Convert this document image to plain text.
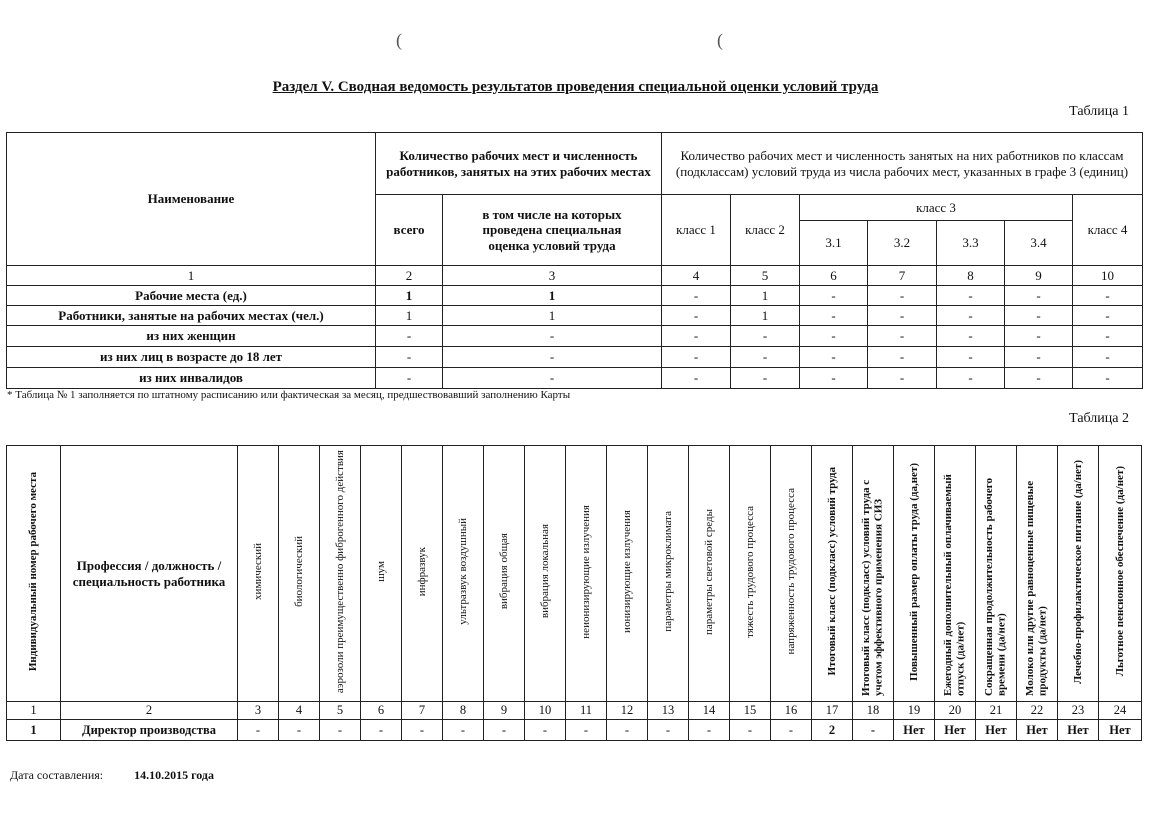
(	(
Раздел V. Сводная ведомость результатов проведения специальной оценки условий труда
Таблица 1
Наименование	Количество рабочих мест и численность работников, занятых на этих рабочих местах		Количество рабочих мест и численность занятых на них работников по классам (подклассам) условий труда из числа рабочих мест, указанных в графе 3 (единиц)						
	всего	в том числе на которых проведена специальная оценка условий труда	класс 1	класс 2	класс 3				класс 4
					3.1	3.2	3.3	3.4	
1	2	3	4	5	6	7	8	9	10
Рабочие места (ед.)	1	1	-	1	-	-	-	-	-
Работники, занятые на рабочих местах (чел.)	1	1	-	1	-	-	-	-	-
из них женщин	-	-	-	-	-	-	-	-	-
из них лиц в возрасте до 18 лет	-	-	-	-	-	-	-	-	-
из них инвалидов	-	-	-	-	-	-	-	-	-
* Таблица № 1 заполняется по штатному расписанию или фактическая за месяц, предшествовавший заполнению Карты
Таблица 2
Индивидуальный номер рабочего места	Профессия / должность / специальность работника	химический	биологический	аэрозоли преимущественно фиброгенного действия	шум	инфразвук	ультразвук воздушный	вибрация общая	вибрация локальная	неионизирующие излучения	ионизирующие излучения	параметры микроклимата	параметры световой среды	тяжесть трудового процесса	напряженность трудового процесса	Итоговый класс (подкласс) условий труда	Итоговый класс (подкласс) условий труда с учетом эффективного применения СИЗ	Повышенный размер оплаты труда (да,нет)	Ежегодный дополнительный оплачиваемый отпуск (да/нет)	Сокращенная продолжительность рабочего времени (да/нет)	Молоко или другие равноценные пищевые продукты (да/нет)	Лечебно-профилактическое питание (да/нет)	Льготное пенсионное обеспечение (да/нет)
1	2	3	4	5	6	7	8	9	10	11	12	13	14	15	16	17	18	19	20	21	22	23	24
1	Директор производства	-	-	-	-	-	-	-	-	-	-	-	-	-	-	2	-	Нет	Нет	Нет	Нет	Нет	Нет
Дата составления:	14.10.2015 года
